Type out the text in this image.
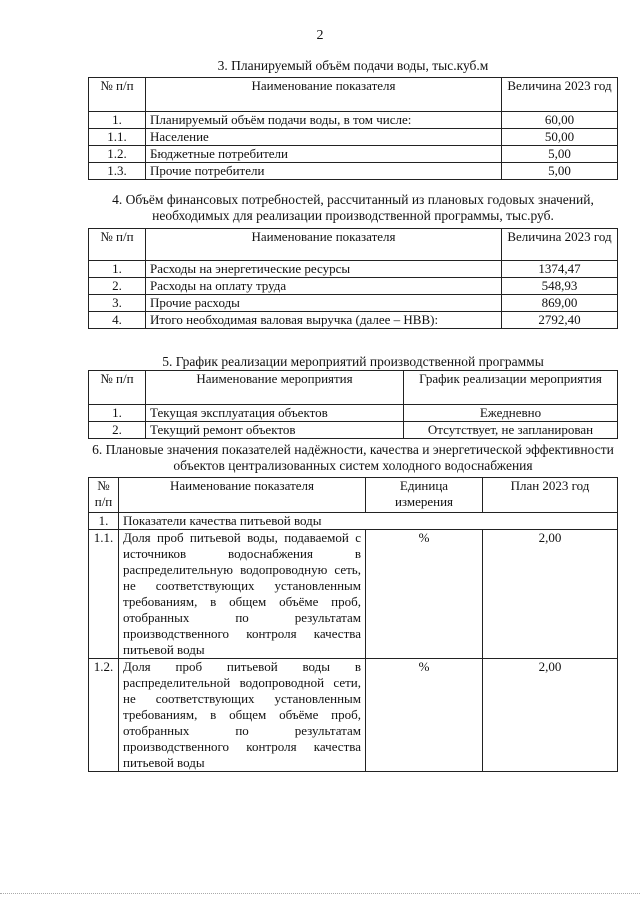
2
3. Планируемый объём подачи воды, тыс.куб.м
№ п/п	Наименование показателя	Величина 2023 год
1.	Планируемый объём подачи воды, в том числе:	60,00
1.1.	Население	50,00
1.2.	Бюджетные потребители	5,00
1.3.	Прочие потребители	5,00
4. Объём финансовых потребностей, рассчитанный из плановых годовых значений, необходимых для реализации производственной программы, тыс.руб.
№ п/п	Наименование показателя	Величина 2023 год
1.	Расходы на энергетические ресурсы	1374,47
2.	Расходы на оплату труда	548,93
3.	Прочие расходы	869,00
4.	Итого необходимая валовая выручка (далее – НВВ):	2792,40
5. График реализации мероприятий производственной программы
№ п/п	Наименование мероприятия	График реализации мероприятия
1.	Текущая эксплуатация объектов	Ежедневно
2.	Текущий ремонт объектов	Отсутствует, не запланирован
6. Плановые значения показателей надёжности, качества и энергетической эффективности объектов централизованных систем холодного водоснабжения
№ п/п	Наименование показателя	Единица измерения	План 2023 год
1.	Показатели качества питьевой воды		
1.1.	Доля проб питьевой воды, подаваемой с источников водоснабжения в распределительную водопроводную сеть, не соответствующих установленным требованиям, в общем объёме проб, отобранных по результатам производственного контроля качества питьевой воды	%	2,00
1.2.	Доля проб питьевой воды в распределительной водопроводной сети, не соответствующих установленным требованиям, в общем объёме проб, отобранных по результатам производственного контроля качества питьевой воды	%	2,00
